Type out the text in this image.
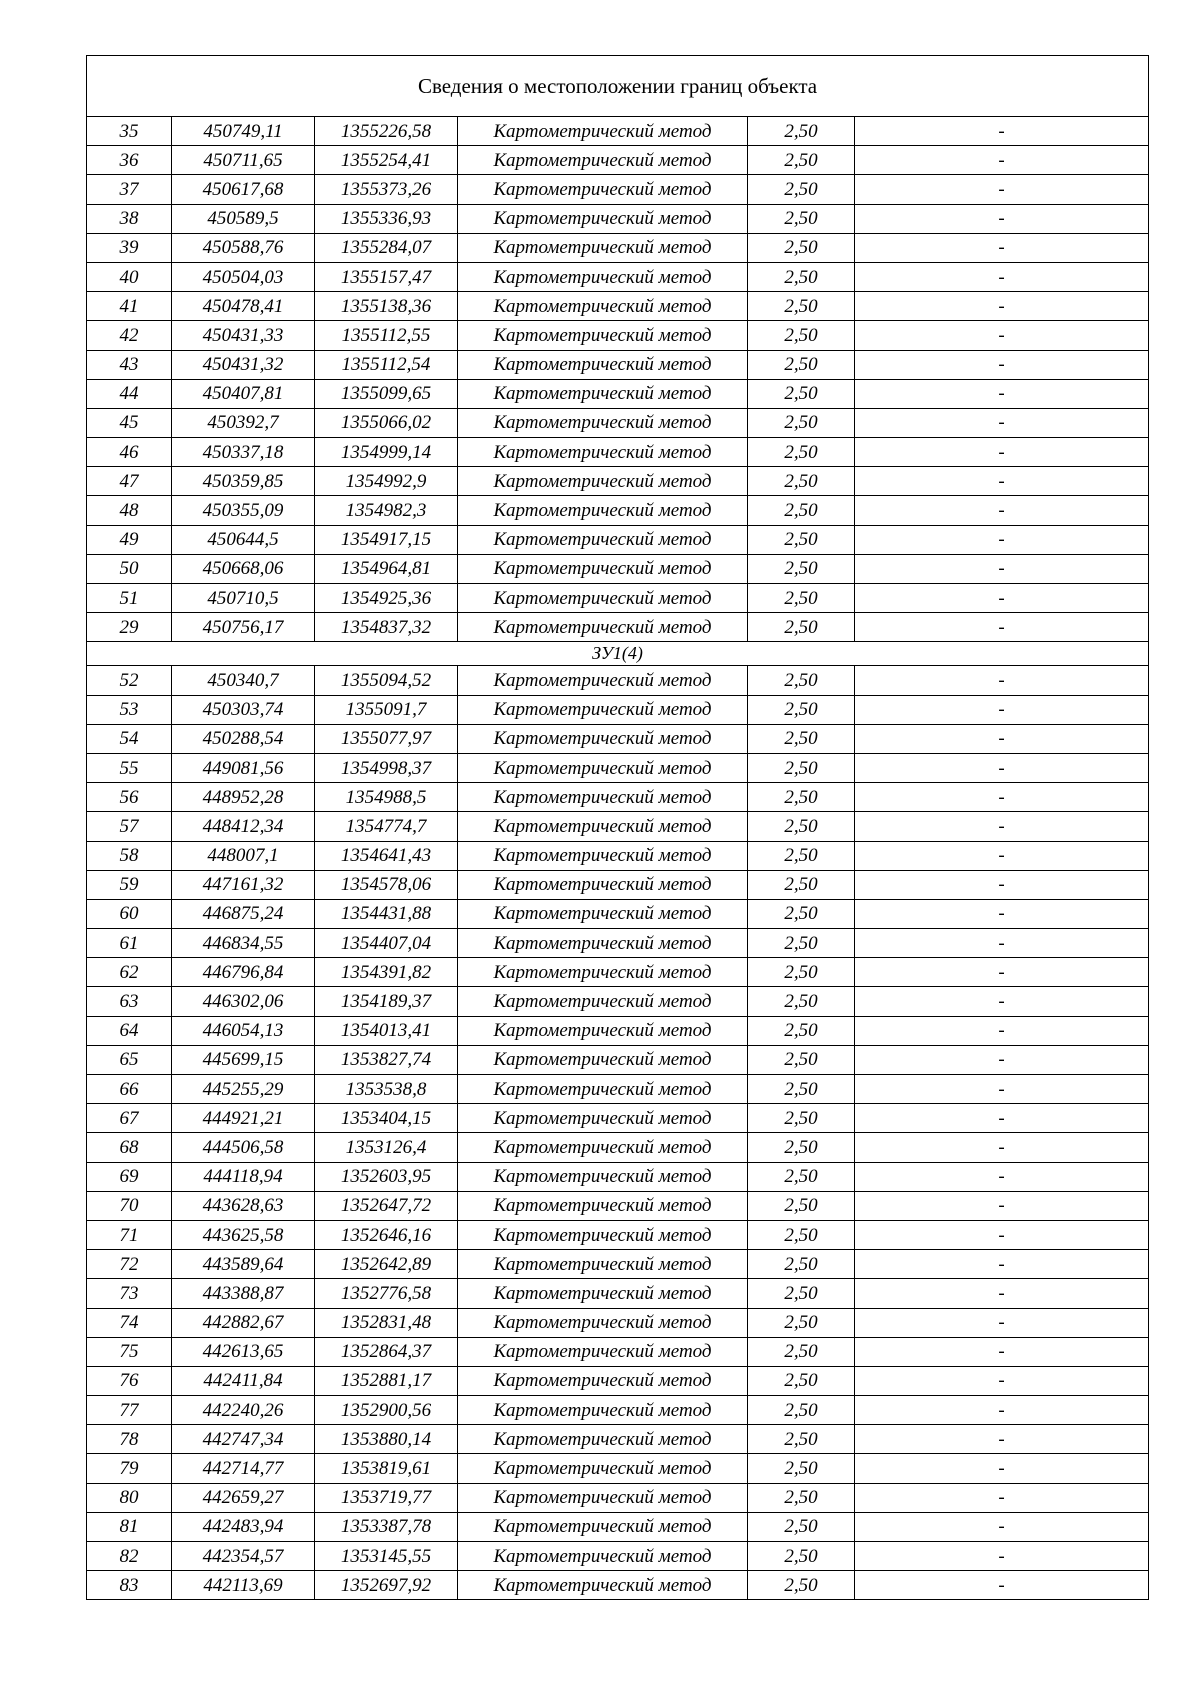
Сведения о местоположении границ объекта					
35	450749,11	1355226,58	Картометрический метод	2,50	-
36	450711,65	1355254,41	Картометрический метод	2,50	-
37	450617,68	1355373,26	Картометрический метод	2,50	-
38	450589,5	1355336,93	Картометрический метод	2,50	-
39	450588,76	1355284,07	Картометрический метод	2,50	-
40	450504,03	1355157,47	Картометрический метод	2,50	-
41	450478,41	1355138,36	Картометрический метод	2,50	-
42	450431,33	1355112,55	Картометрический метод	2,50	-
43	450431,32	1355112,54	Картометрический метод	2,50	-
44	450407,81	1355099,65	Картометрический метод	2,50	-
45	450392,7	1355066,02	Картометрический метод	2,50	-
46	450337,18	1354999,14	Картометрический метод	2,50	-
47	450359,85	1354992,9	Картометрический метод	2,50	-
48	450355,09	1354982,3	Картометрический метод	2,50	-
49	450644,5	1354917,15	Картометрический метод	2,50	-
50	450668,06	1354964,81	Картометрический метод	2,50	-
51	450710,5	1354925,36	Картометрический метод	2,50	-
29	450756,17	1354837,32	Картометрический метод	2,50	-
ЗУ1(4)					
52	450340,7	1355094,52	Картометрический метод	2,50	-
53	450303,74	1355091,7	Картометрический метод	2,50	-
54	450288,54	1355077,97	Картометрический метод	2,50	-
55	449081,56	1354998,37	Картометрический метод	2,50	-
56	448952,28	1354988,5	Картометрический метод	2,50	-
57	448412,34	1354774,7	Картометрический метод	2,50	-
58	448007,1	1354641,43	Картометрический метод	2,50	-
59	447161,32	1354578,06	Картометрический метод	2,50	-
60	446875,24	1354431,88	Картометрический метод	2,50	-
61	446834,55	1354407,04	Картометрический метод	2,50	-
62	446796,84	1354391,82	Картометрический метод	2,50	-
63	446302,06	1354189,37	Картометрический метод	2,50	-
64	446054,13	1354013,41	Картометрический метод	2,50	-
65	445699,15	1353827,74	Картометрический метод	2,50	-
66	445255,29	1353538,8	Картометрический метод	2,50	-
67	444921,21	1353404,15	Картометрический метод	2,50	-
68	444506,58	1353126,4	Картометрический метод	2,50	-
69	444118,94	1352603,95	Картометрический метод	2,50	-
70	443628,63	1352647,72	Картометрический метод	2,50	-
71	443625,58	1352646,16	Картометрический метод	2,50	-
72	443589,64	1352642,89	Картометрический метод	2,50	-
73	443388,87	1352776,58	Картометрический метод	2,50	-
74	442882,67	1352831,48	Картометрический метод	2,50	-
75	442613,65	1352864,37	Картометрический метод	2,50	-
76	442411,84	1352881,17	Картометрический метод	2,50	-
77	442240,26	1352900,56	Картометрический метод	2,50	-
78	442747,34	1353880,14	Картометрический метод	2,50	-
79	442714,77	1353819,61	Картометрический метод	2,50	-
80	442659,27	1353719,77	Картометрический метод	2,50	-
81	442483,94	1353387,78	Картометрический метод	2,50	-
82	442354,57	1353145,55	Картометрический метод	2,50	-
83	442113,69	1352697,92	Картометрический метод	2,50	-
